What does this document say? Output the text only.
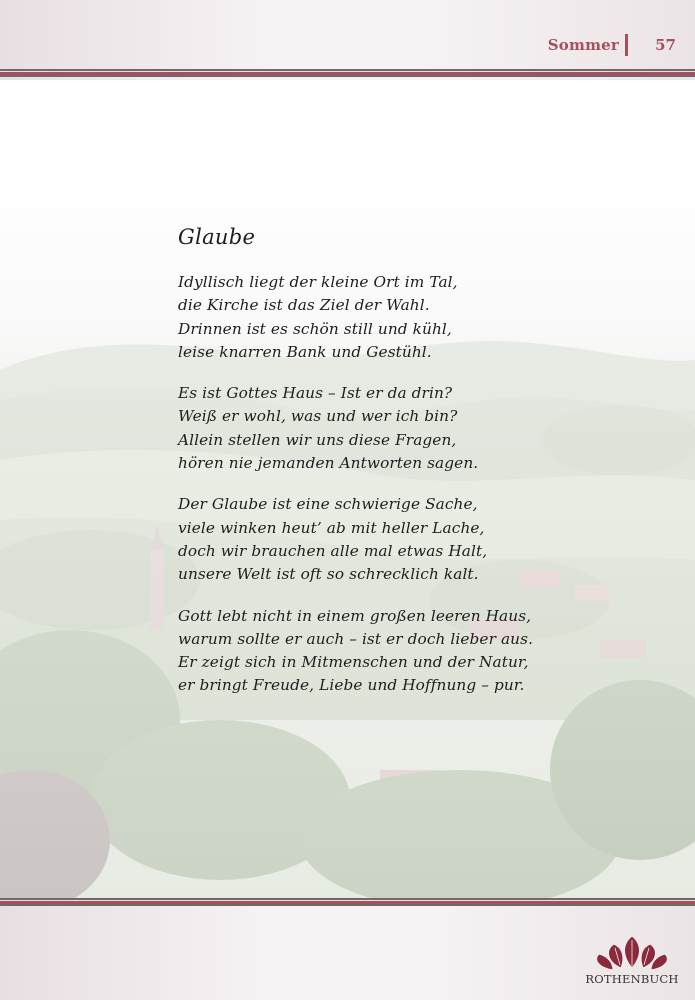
Sommer 57
Glaube
Idyllisch liegt der kleine Ort im Tal,
die Kirche ist das Ziel der Wahl.
Drinnen ist es schön still und kühl,
leise knarren Bank und Gestühl.
Es ist Gottes Haus – Ist er da drin?
Weiß er wohl, was und wer ich bin?
Allein stellen wir uns diese Fragen,
hören nie jemanden Antworten sagen.
Der Glaube ist eine schwierige Sache,
viele winken heut’ ab mit heller Lache,
doch wir brauchen alle mal etwas Halt,
unsere Welt ist oft so schrecklich kalt.
Gott lebt nicht in einem großen leeren Haus,
warum sollte er auch – ist er doch lieber aus.
Er zeigt sich in Mitmenschen und der Natur,
er bringt Freude, Liebe und Hoffnung – pur.
ROTHENBUCH
